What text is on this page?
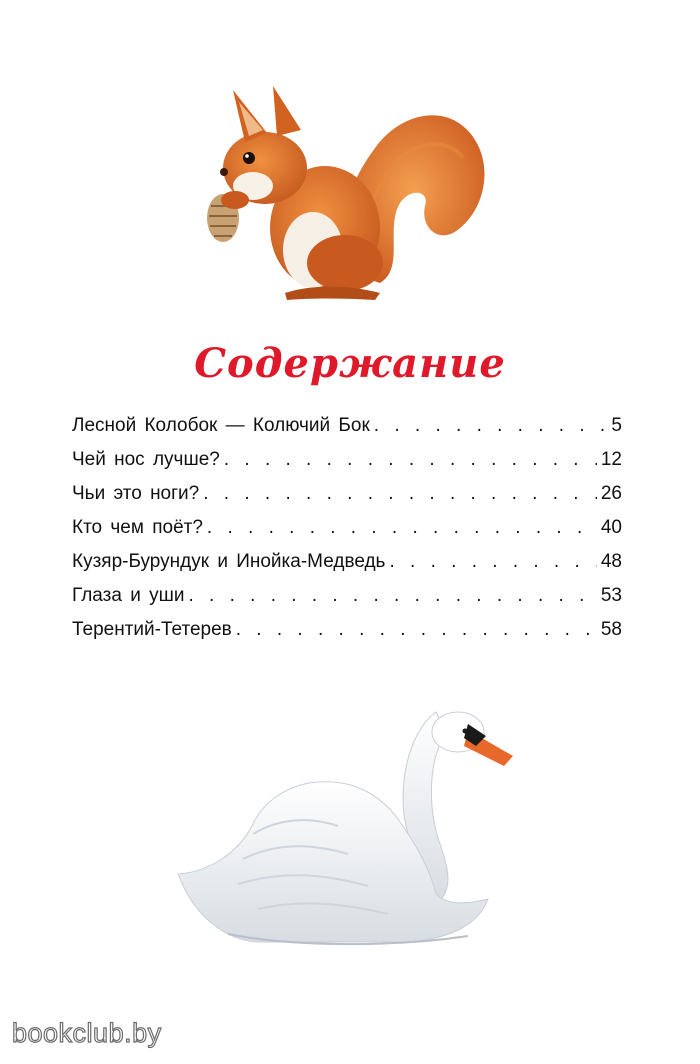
Содержание
Лесной Колобок — Колючий Бок . . .	5
Чей нос лучше? . . .	12
Чьи это ноги? . . .	26
Кто чем поёт? . . .	40
Кузяр-Бурундук и Инойка-Медведь . . .	48
Глаза и уши . . .	53
Терентий-Тетерев . . .	58
bookclub.by
